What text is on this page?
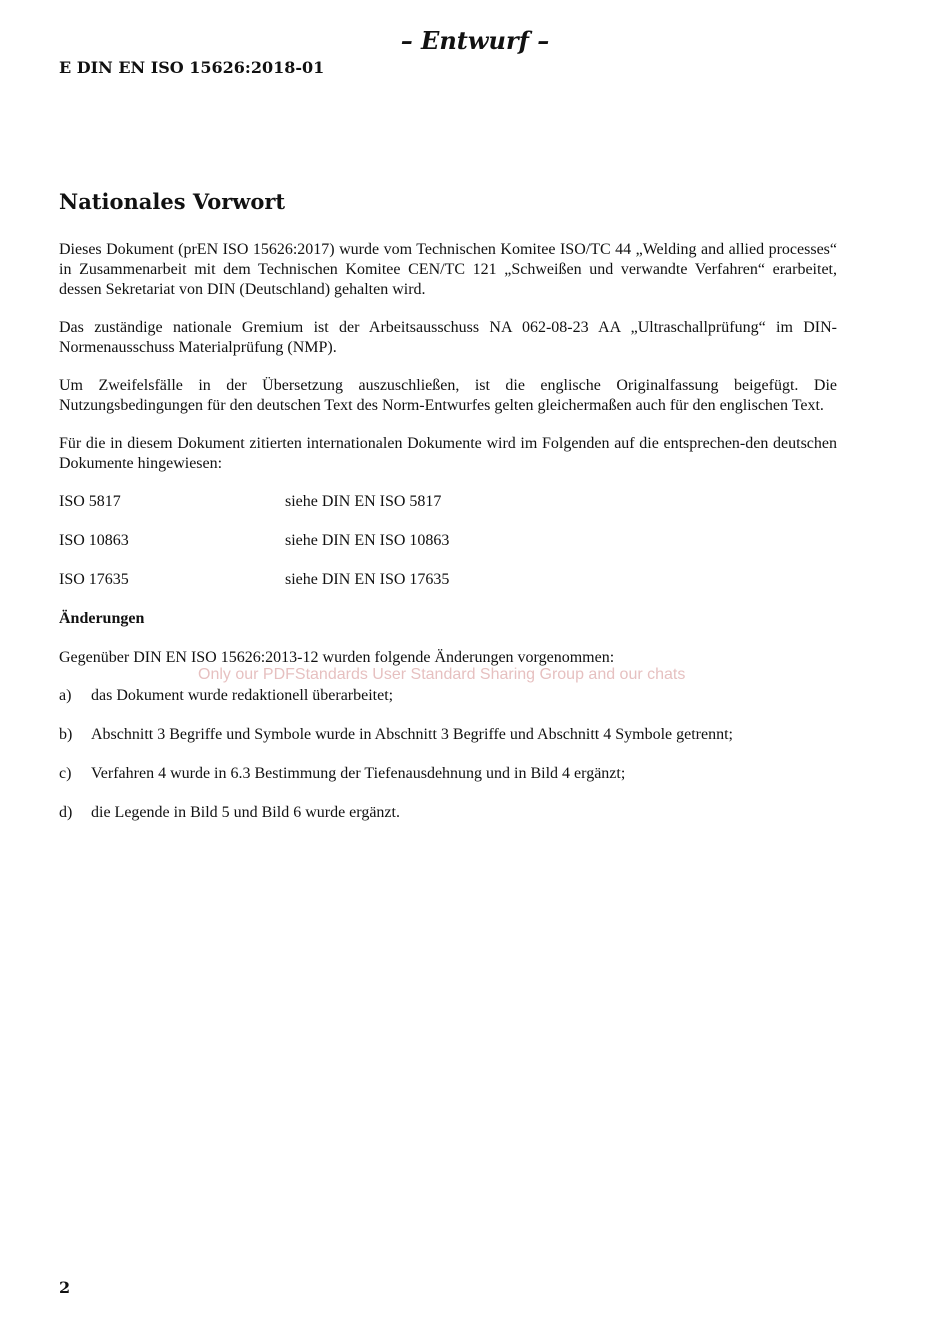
– Entwurf –
E DIN EN ISO 15626:2018-01
Nationales Vorwort

Dieses Dokument (prEN ISO 15626:2017) wurde vom Technischen Komitee ISO/TC 44 „Welding and allied processes“ in Zusammenarbeit mit dem Technischen Komitee CEN/TC 121 „Schweißen und verwandte Verfahren“ erarbeitet, dessen Sekretariat von DIN (Deutschland) gehalten wird.

Das zuständige nationale Gremium ist der Arbeitsausschuss NA 062-08-23 AA „Ultraschallprüfung“ im DIN-Normenausschuss Materialprüfung (NMP).

Um Zweifelsfälle in der Übersetzung auszuschließen, ist die englische Originalfassung beigefügt. Die Nutzungsbedingungen für den deutschen Text des Norm-Entwurfes gelten gleichermaßen auch für den englischen Text.

Für die in diesem Dokument zitierten internationalen Dokumente wird im Folgenden auf die entsprechen-den deutschen Dokumente hingewiesen:

ISO 5817	siehe DIN EN ISO 5817
ISO 10863	siehe DIN EN ISO 10863
ISO 17635	siehe DIN EN ISO 17635
Änderungen

Gegenüber DIN EN ISO 15626:2013-12 wurden folgende Änderungen vorgenommen:

a)	das Dokument wurde redaktionell überarbeitet;
b)	Abschnitt 3 Begriffe und Symbole wurde in Abschnitt 3 Begriffe und Abschnitt 4 Symbole getrennt;
c)	Verfahren 4 wurde in 6.3 Bestimmung der Tiefenausdehnung und in Bild 4 ergänzt;
d)	die Legende in Bild 5 und Bild 6 wurde ergänzt.
Only our PDFStandards User Standard Sharing Group and our chats
2
